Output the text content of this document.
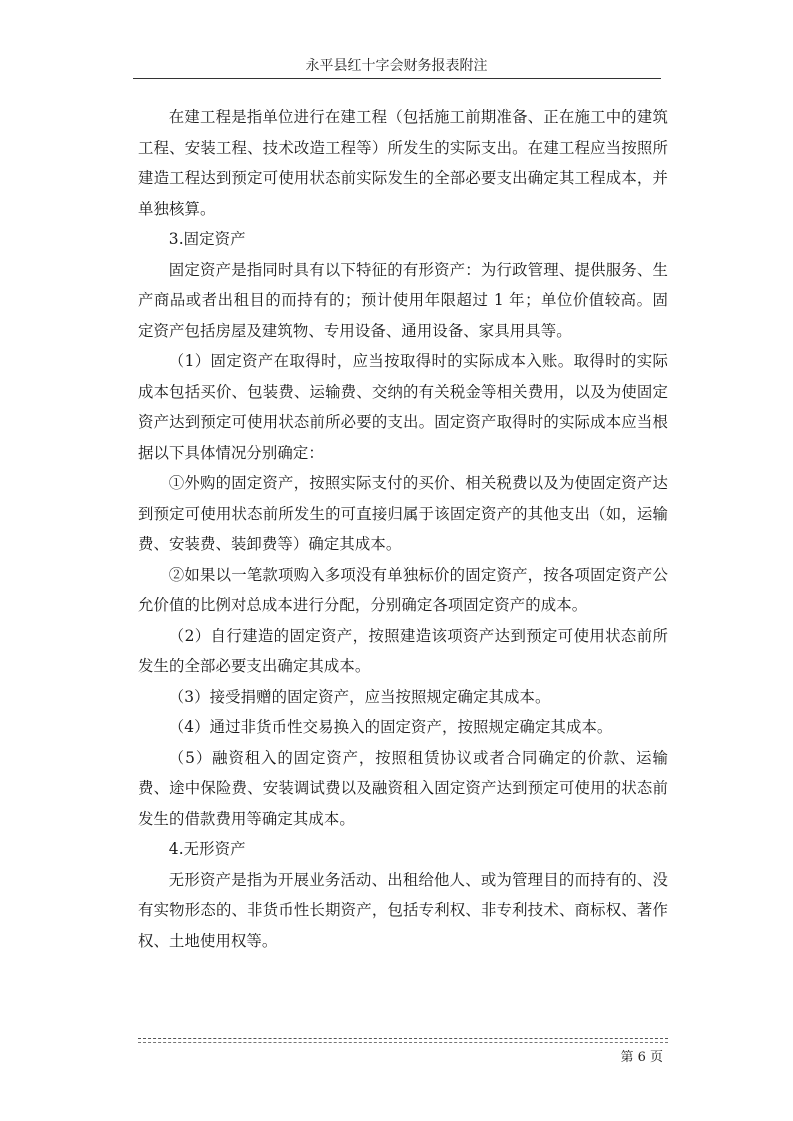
永平县红十字会财务报表附注

在建工程是指单位进行在建工程（包括施工前期准备、正在施工中的建筑工程、安装工程、技术改造工程等）所发生的实际支出。在建工程应当按照所建造工程达到预定可使用状态前实际发生的全部必要支出确定其工程成本，并单独核算。

3.固定资产

固定资产是指同时具有以下特征的有形资产：为行政管理、提供服务、生产商品或者出租目的而持有的；预计使用年限超过 1 年；单位价值较高。固定资产包括房屋及建筑物、专用设备、通用设备、家具用具等。

（1）固定资产在取得时，应当按取得时的实际成本入账。取得时的实际成本包括买价、包装费、运输费、交纳的有关税金等相关费用，以及为使固定资产达到预定可使用状态前所必要的支出。固定资产取得时的实际成本应当根据以下具体情况分别确定：

①外购的固定资产，按照实际支付的买价、相关税费以及为使固定资产达到预定可使用状态前所发生的可直接归属于该固定资产的其他支出（如，运输费、安装费、装卸费等）确定其成本。

②如果以一笔款项购入多项没有单独标价的固定资产，按各项固定资产公允价值的比例对总成本进行分配，分别确定各项固定资产的成本。

（2）自行建造的固定资产，按照建造该项资产达到预定可使用状态前所发生的全部必要支出确定其成本。

（3）接受捐赠的固定资产，应当按照规定确定其成本。

（4）通过非货币性交易换入的固定资产，按照规定确定其成本。

（5）融资租入的固定资产，按照租赁协议或者合同确定的价款、运输费、途中保险费、安装调试费以及融资租入固定资产达到预定可使用的状态前发生的借款费用等确定其成本。

4.无形资产

无形资产是指为开展业务活动、出租给他人、或为管理目的而持有的、没有实物形态的、非货币性长期资产，包括专利权、非专利技术、商标权、著作权、土地使用权等。

第 6 页
